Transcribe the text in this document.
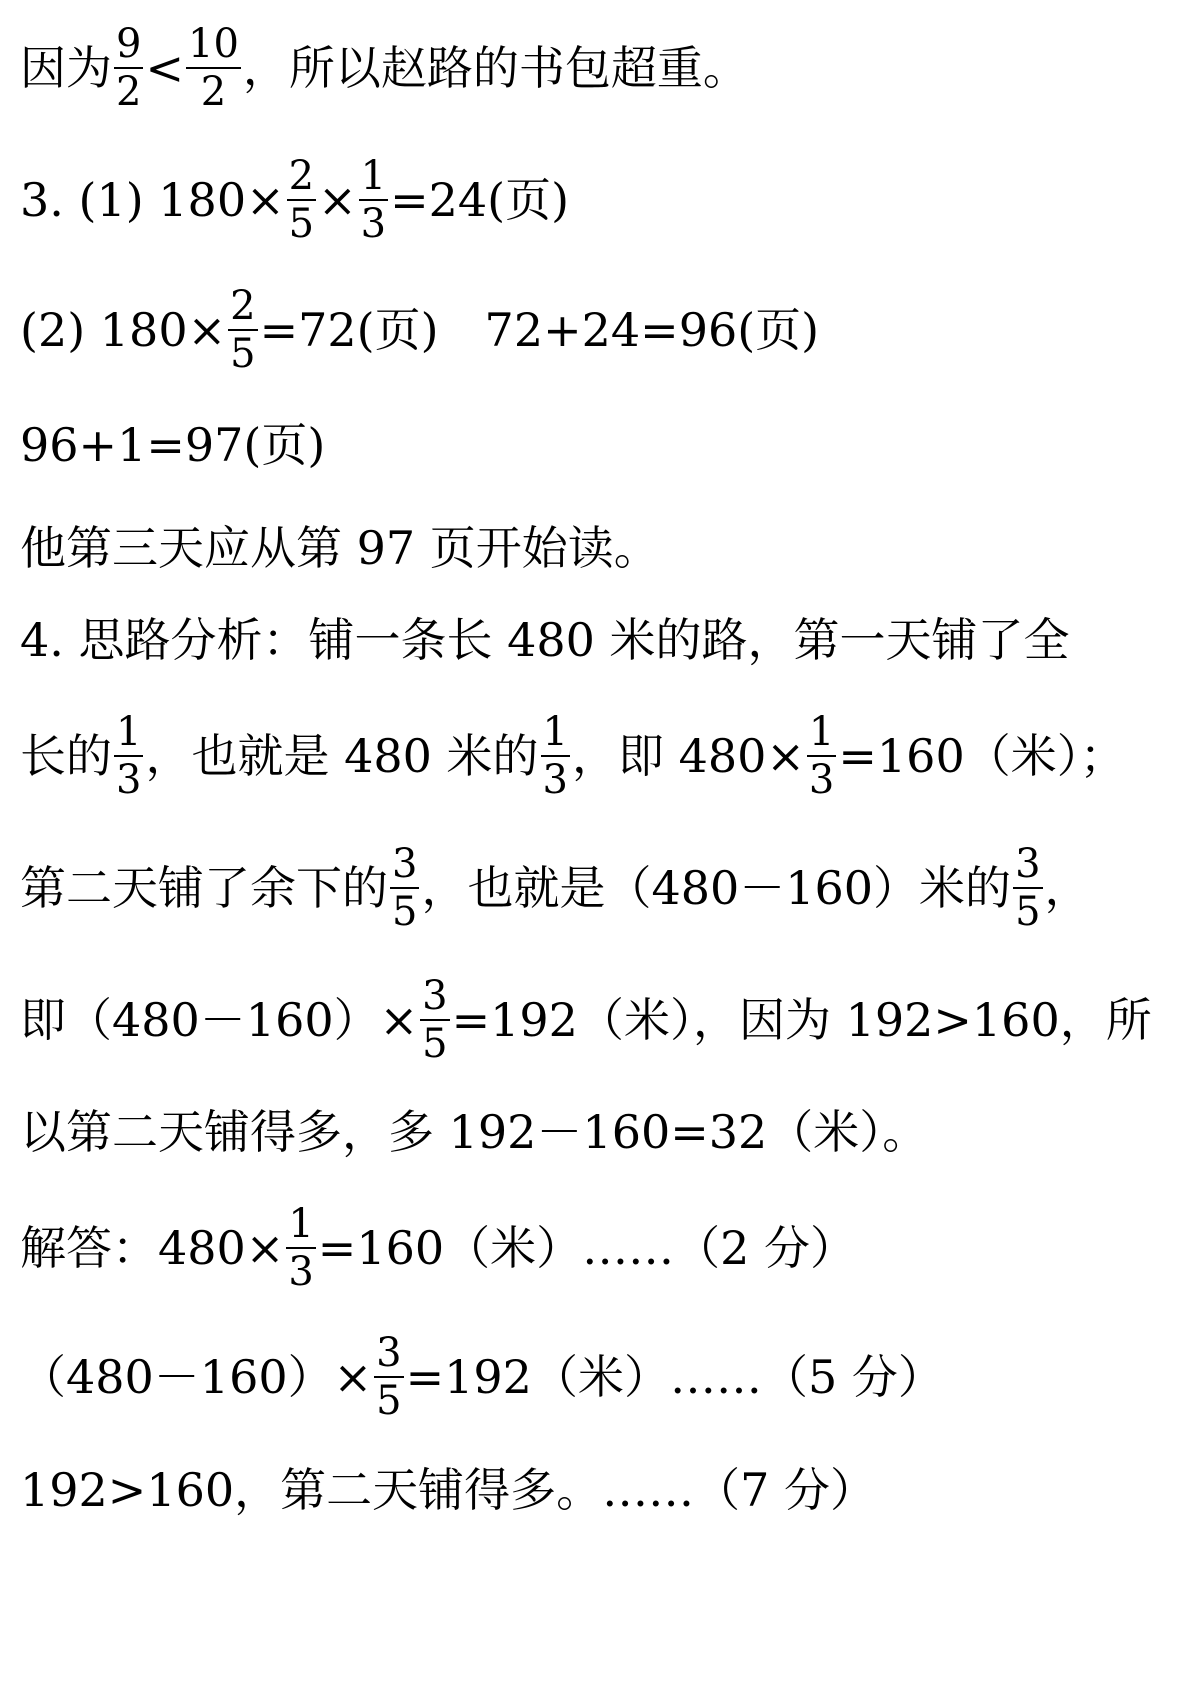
因为 $\frac{9}{2} < \frac{10}{2}$ ，所以赵路的书包超重。
3. (1) $180\times \frac{2}{5} \times \frac{1}{3} =24$(页)
(2) $180\times \frac{2}{5} =72$(页)　72+24=96(页)
96+1=97(页)
他第三天应从第 97 页开始读。
4. 思路分析：铺一条长 480 米的路，第一天铺了全
长的 $\frac{1}{3}$ ，也就是 480 米的 $\frac{1}{3}$ ，即 $480\times \frac{1}{3} =160$（米）；
第二天铺了余下的 $\frac{3}{5}$ ，也就是（480－160）米的 $\frac{3}{5}$ ，
即$(480-160)\times \frac{3}{5} =192$（米），因为 192>160，所
以第二天铺得多，多 192－160=32（米）。
解答：$480\times \frac{1}{3} =160$（米）……（2 分）
$(480-160)\times \frac{3}{5} =192$（米）……（5 分）
192>160，第二天铺得多。……（7 分）
